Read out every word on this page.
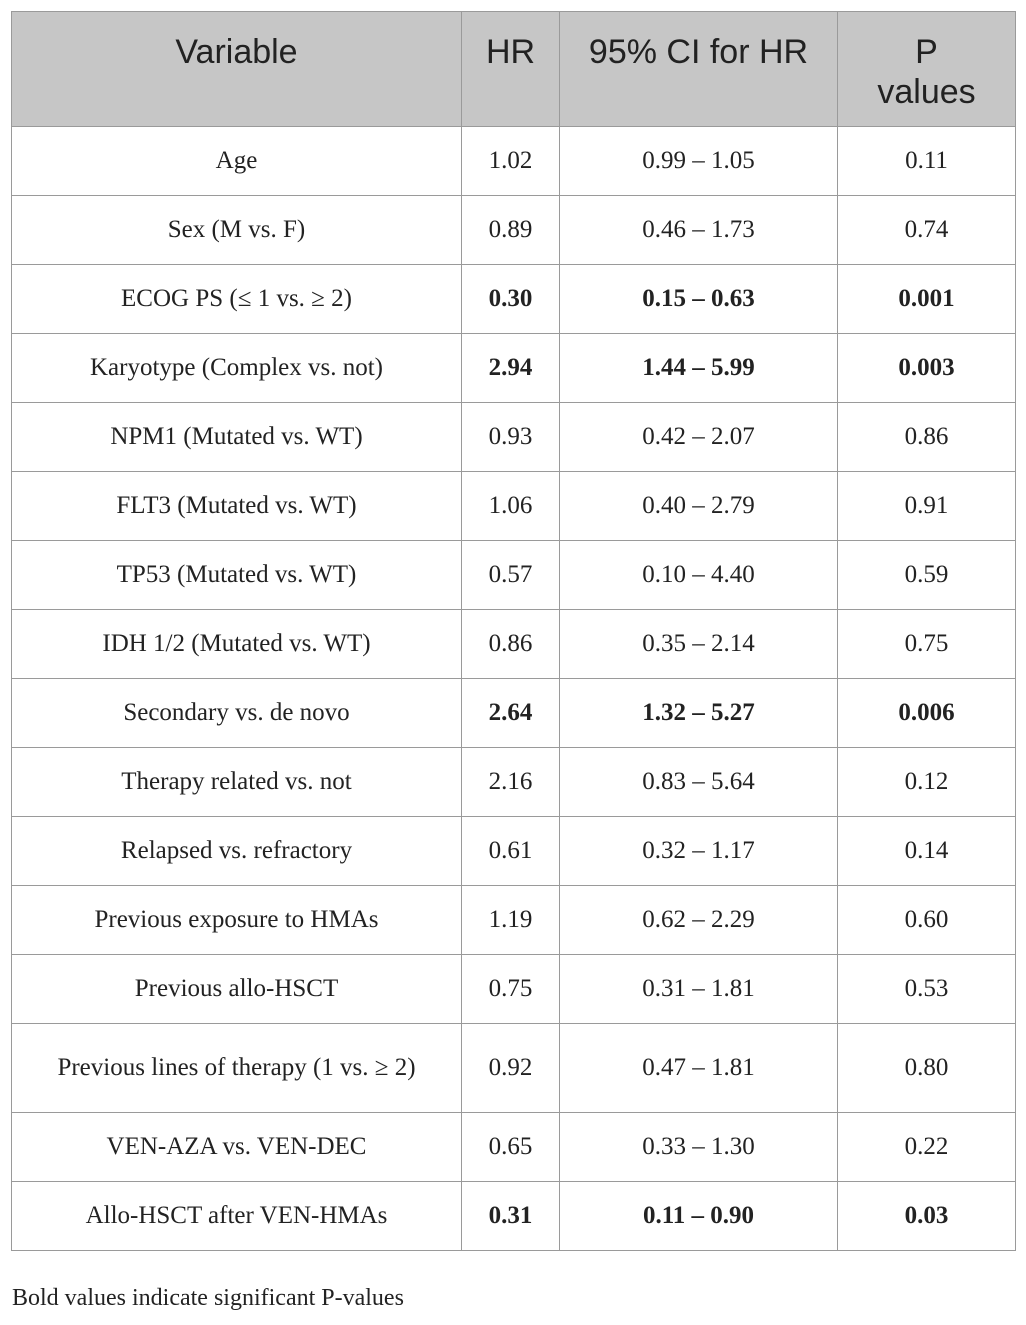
Variable	HR	95% CI for HR	P
values

Age	1.02	0.99 – 1.05	0.11
Sex (M vs. F)	0.89	0.46 – 1.73	0.74
ECOG PS (≤ 1 vs. ≥ 2)	0.30	0.15 – 0.63	0.001
Karyotype (Complex vs. not)	2.94	1.44 – 5.99	0.003
NPM1 (Mutated vs. WT)	0.93	0.42 – 2.07	0.86
FLT3 (Mutated vs. WT)	1.06	0.40 – 2.79	0.91
TP53 (Mutated vs. WT)	0.57	0.10 – 4.40	0.59
IDH 1/2 (Mutated vs. WT)	0.86	0.35 – 2.14	0.75
Secondary vs. de novo	2.64	1.32 – 5.27	0.006
Therapy related vs. not	2.16	0.83 – 5.64	0.12
Relapsed vs. refractory	0.61	0.32 – 1.17	0.14
Previous exposure to HMAs	1.19	0.62 – 2.29	0.60
Previous allo-HSCT	0.75	0.31 – 1.81	0.53
Previous lines of therapy (1 vs. ≥ 2)	0.92	0.47 – 1.81	0.80
VEN-AZA vs. VEN-DEC	0.65	0.33 – 1.30	0.22
Allo-HSCT after VEN-HMAs	0.31	0.11 – 0.90	0.03
Bold values indicate significant P-values
